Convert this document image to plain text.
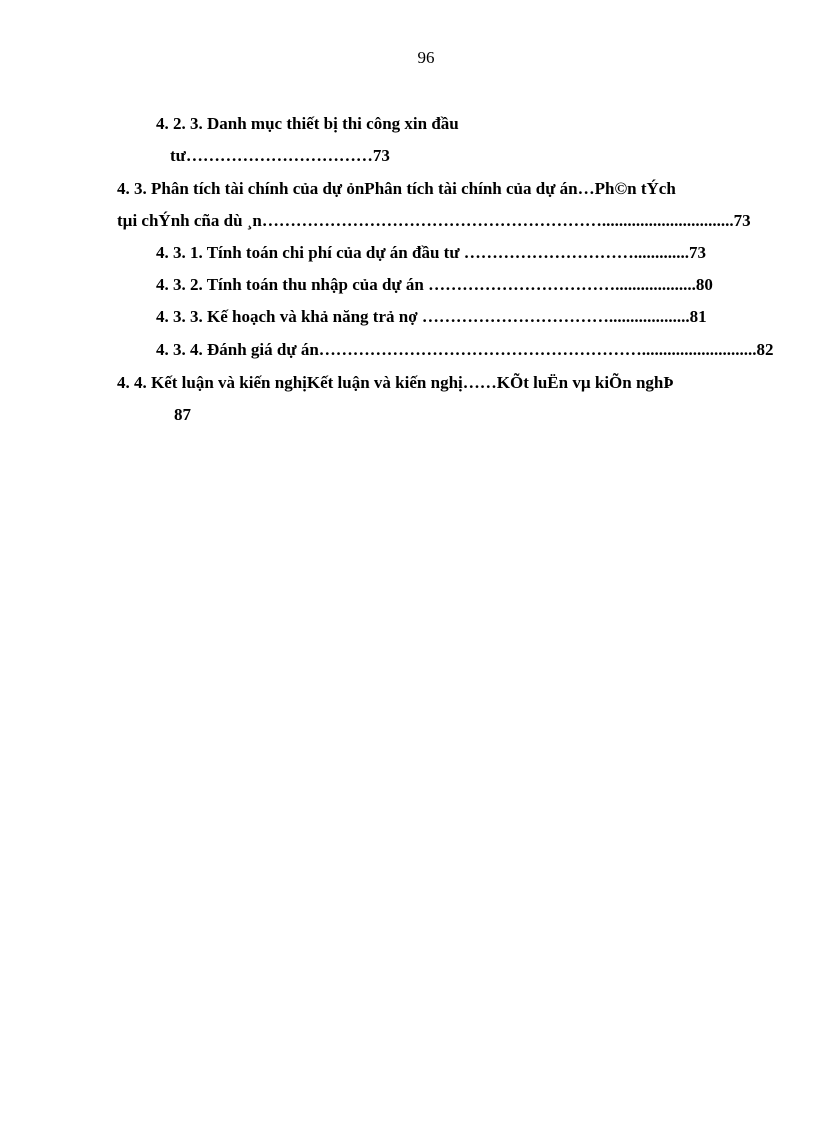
96
4. 2. 3. Danh mục thiết bị thi công xin đầu
tư……………………………73
4. 3. Phân tích tài chính của dự ỏnPhân tích tài chính của dự án…Ph©n tÝch
tµi chÝnh cña dù ¸n……………………………………………………...............................73
4. 3. 1. Tính toán chi phí của dự án đầu tư ………………………….............73
4. 3. 2. Tính toán thu nhập của dự án ……………………………...................80
4. 3. 3. Kế hoạch và khả năng trả nợ ……………………………...................81
4. 3. 4. Đánh giá dự án…………………………………………………...........................82
4. 4. Kết luận và kiến nghịKết luận và kiến nghị……KÕt luËn vµ kiÕn nghÞ
87
